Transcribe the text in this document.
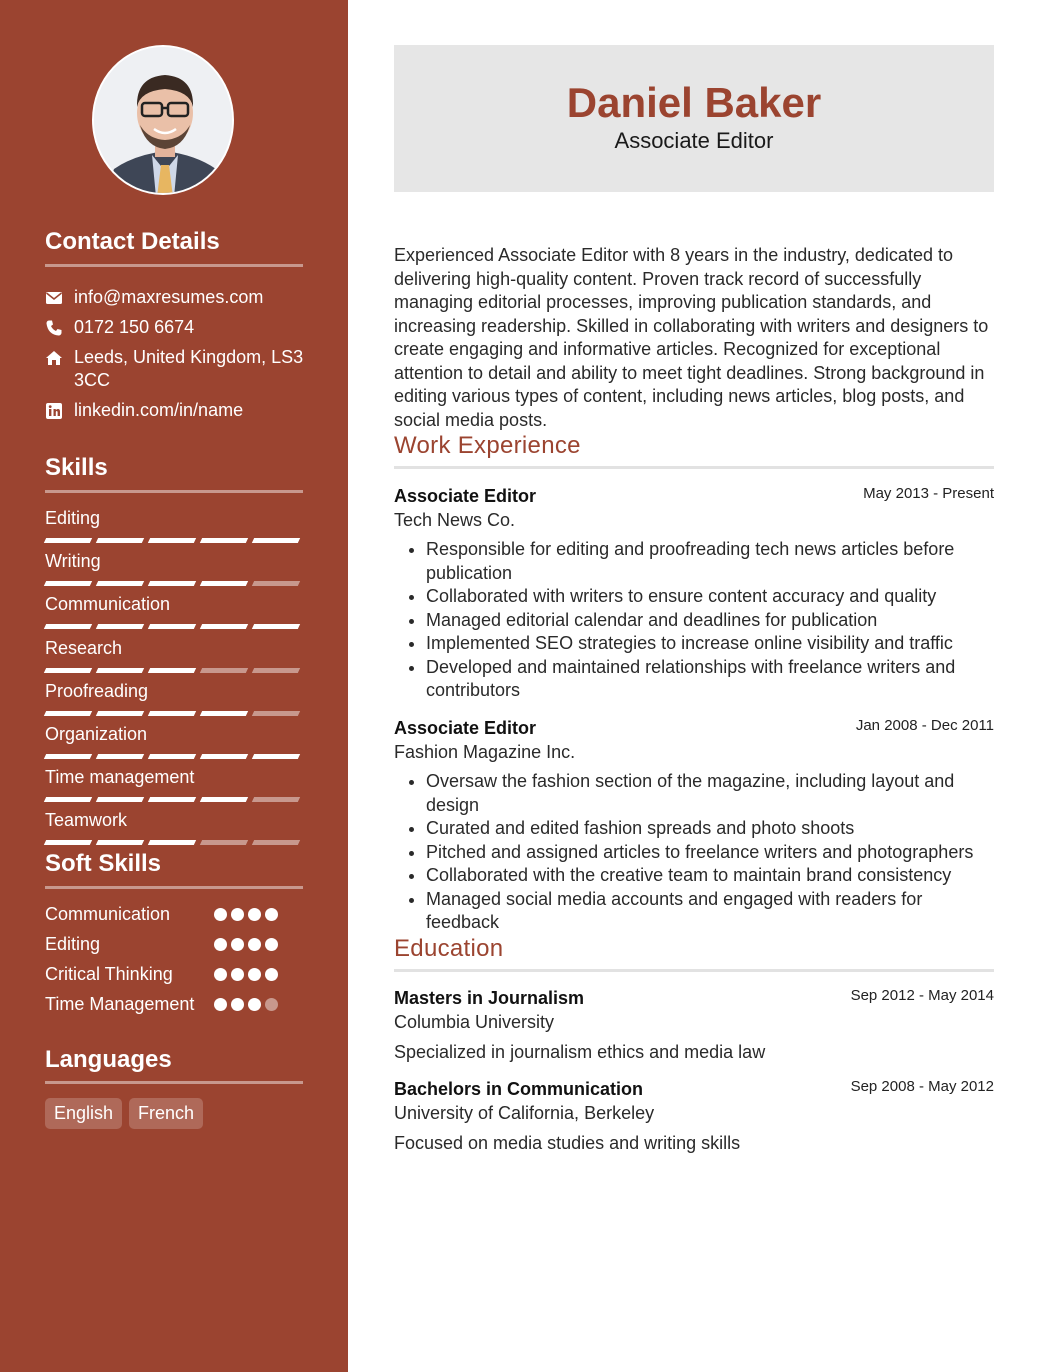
Contact Details
info@maxresumes.com
0172 150 6674
Leeds, United Kingdom, LS3 3CC
linkedin.com/in/name
Skills
Editing
Writing
Communication
Research
Proofreading
Organization
Time management
Teamwork
Soft Skills
Communication
Editing
Critical Thinking
Time Management
Languages
English	French
Daniel Baker
Associate Editor
Experienced Associate Editor with 8 years in the industry, dedicated to delivering high-quality content. Proven track record of successfully managing editorial processes, improving publication standards, and increasing readership. Skilled in collaborating with writers and designers to create engaging and informative articles. Recognized for exceptional attention to detail and ability to meet tight deadlines. Strong background in editing various types of content, including news articles, blog posts, and social media posts.
Work Experience
Associate Editor	May 2013 - Present
Tech News Co.
• Responsible for editing and proofreading tech news articles before publication
• Collaborated with writers to ensure content accuracy and quality
• Managed editorial calendar and deadlines for publication
• Implemented SEO strategies to increase online visibility and traffic
• Developed and maintained relationships with freelance writers and contributors
Associate Editor	Jan 2008 - Dec 2011
Fashion Magazine Inc.
• Oversaw the fashion section of the magazine, including layout and design
• Curated and edited fashion spreads and photo shoots
• Pitched and assigned articles to freelance writers and photographers
• Collaborated with the creative team to maintain brand consistency
• Managed social media accounts and engaged with readers for feedback
Education
Masters in Journalism	Sep 2012 - May 2014
Columbia University
Specialized in journalism ethics and media law
Bachelors in Communication	Sep 2008 - May 2012
University of California, Berkeley
Focused on media studies and writing skills
